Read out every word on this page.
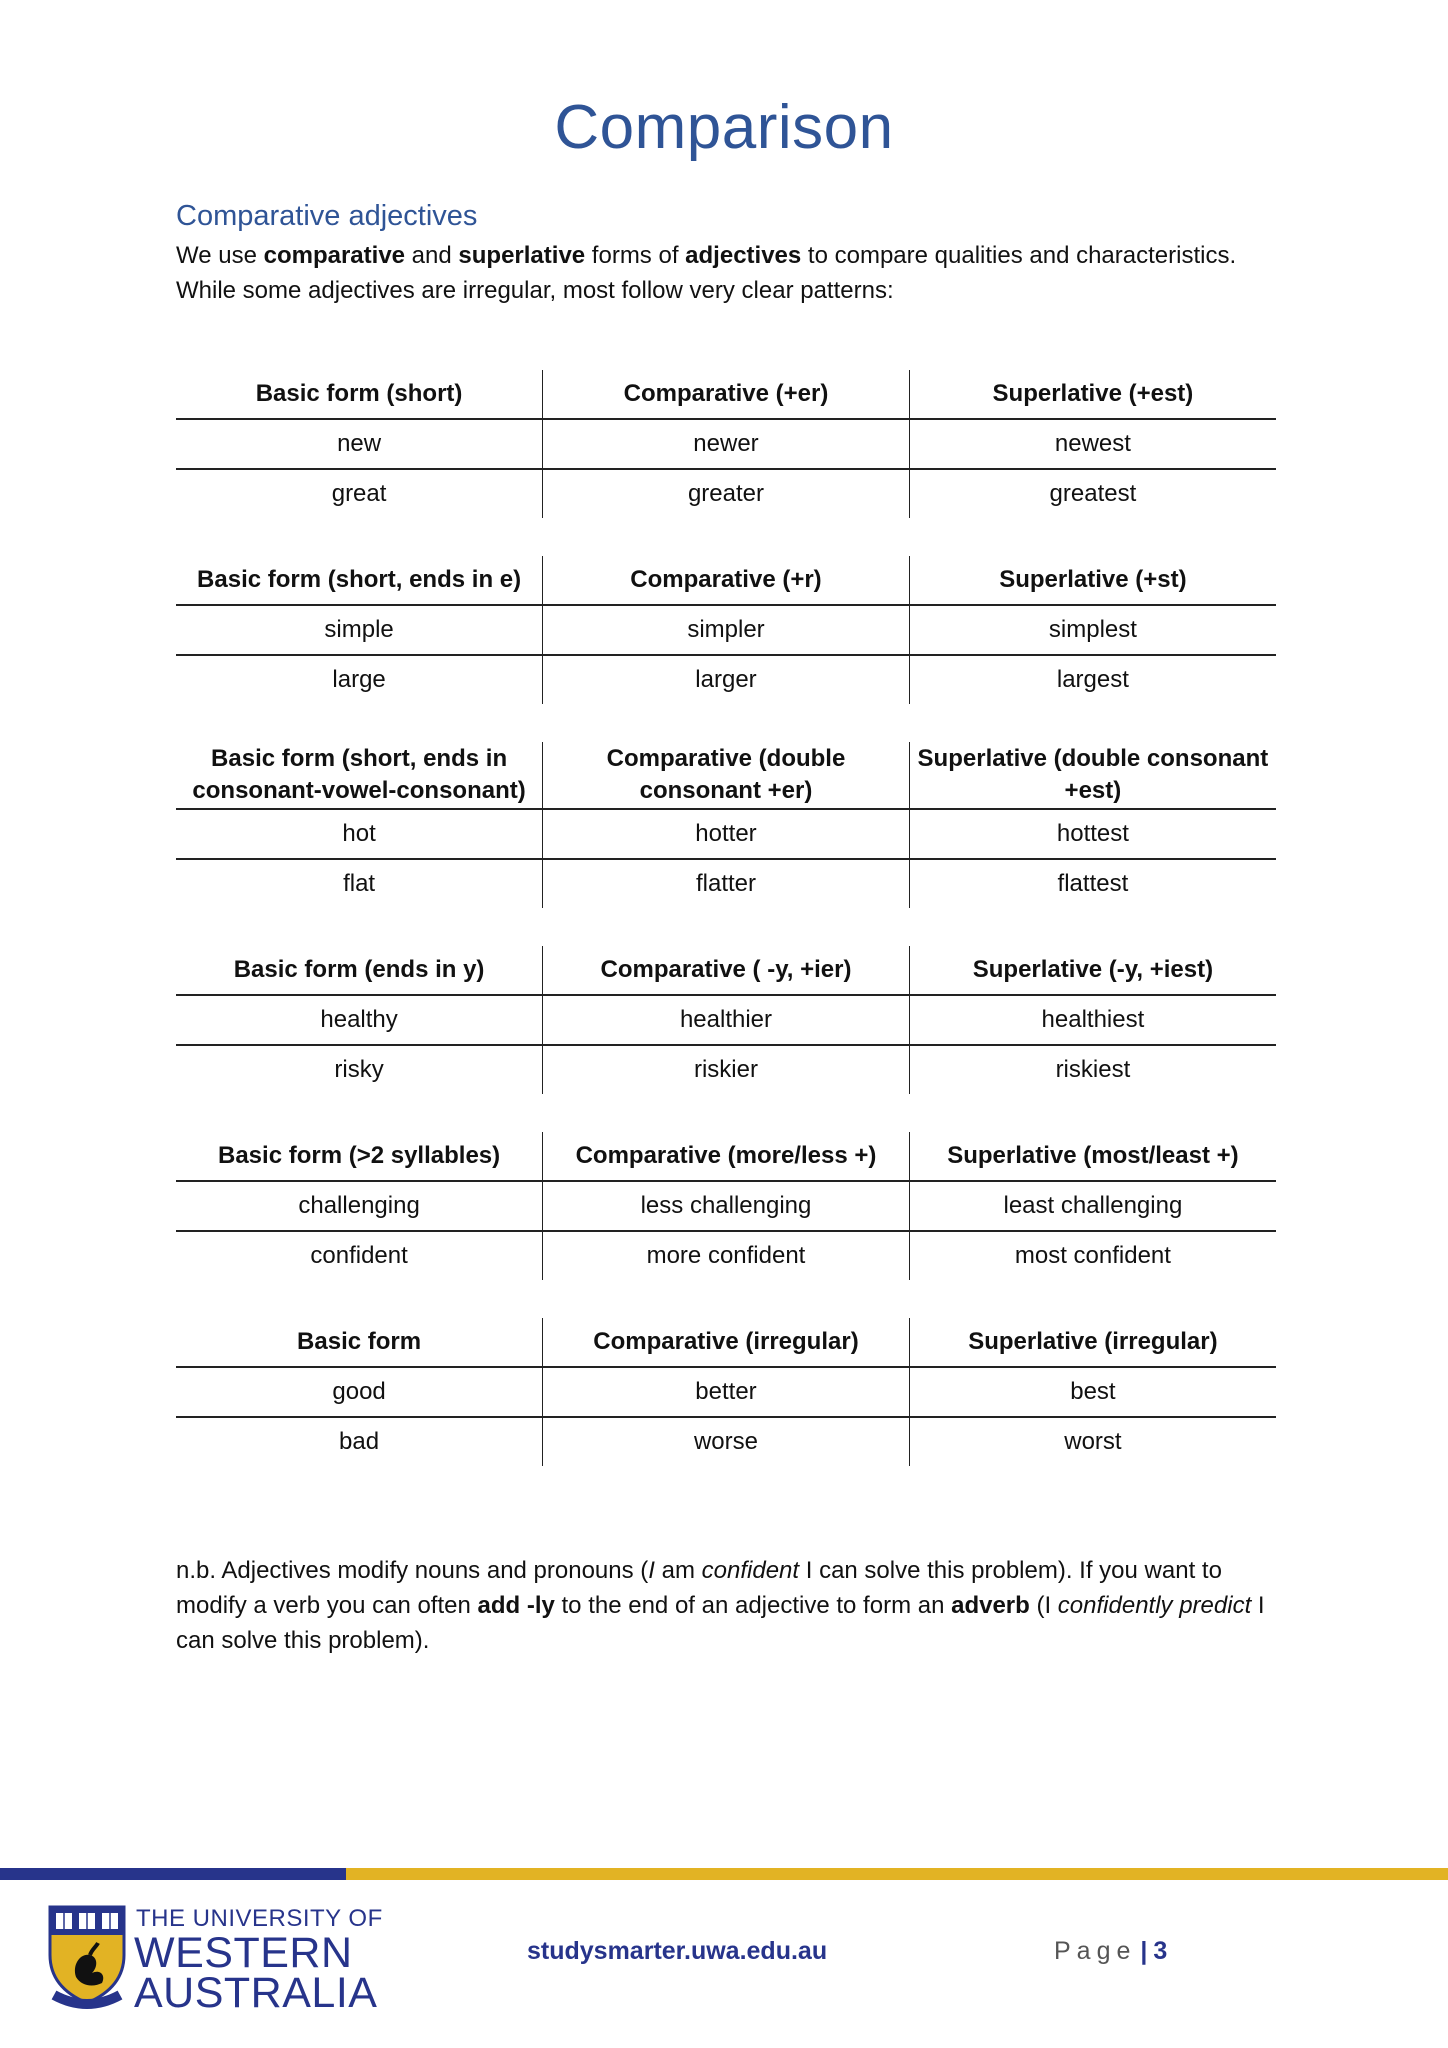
Comparison
Comparative adjectives
We use comparative and superlative forms of adjectives to compare qualities and characteristics.
While some adjectives are irregular, most follow very clear patterns:
Basic form (short)	Comparative (+er)	Superlative (+est)
new	newer	newest
great	greater	greatest
Basic form (short, ends in e)	Comparative (+r)	Superlative (+st)
simple	simpler	simplest
large	larger	largest
Basic form (short, ends in consonant-vowel-consonant)	Comparative (double consonant +er)	Superlative (double consonant +est)
hot	hotter	hottest
flat	flatter	flattest
Basic form (ends in y)	Comparative ( -y, +ier)	Superlative (-y, +iest)
healthy	healthier	healthiest
risky	riskier	riskiest
Basic form (>2 syllables)	Comparative (more/less +)	Superlative (most/least +)
challenging	less challenging	least challenging
confident	more confident	most confident
Basic form	Comparative (irregular)	Superlative (irregular)
good	better	best
bad	worse	worst
n.b. Adjectives modify nouns and pronouns (I am confident I can solve this problem). If you want to modify a verb you can often add -ly to the end of an adjective to form an adverb (I confidently predict I can solve this problem).
THE UNIVERSITY OF
WESTERN
AUSTRALIA
studysmarter.uwa.edu.au	Page | 3
